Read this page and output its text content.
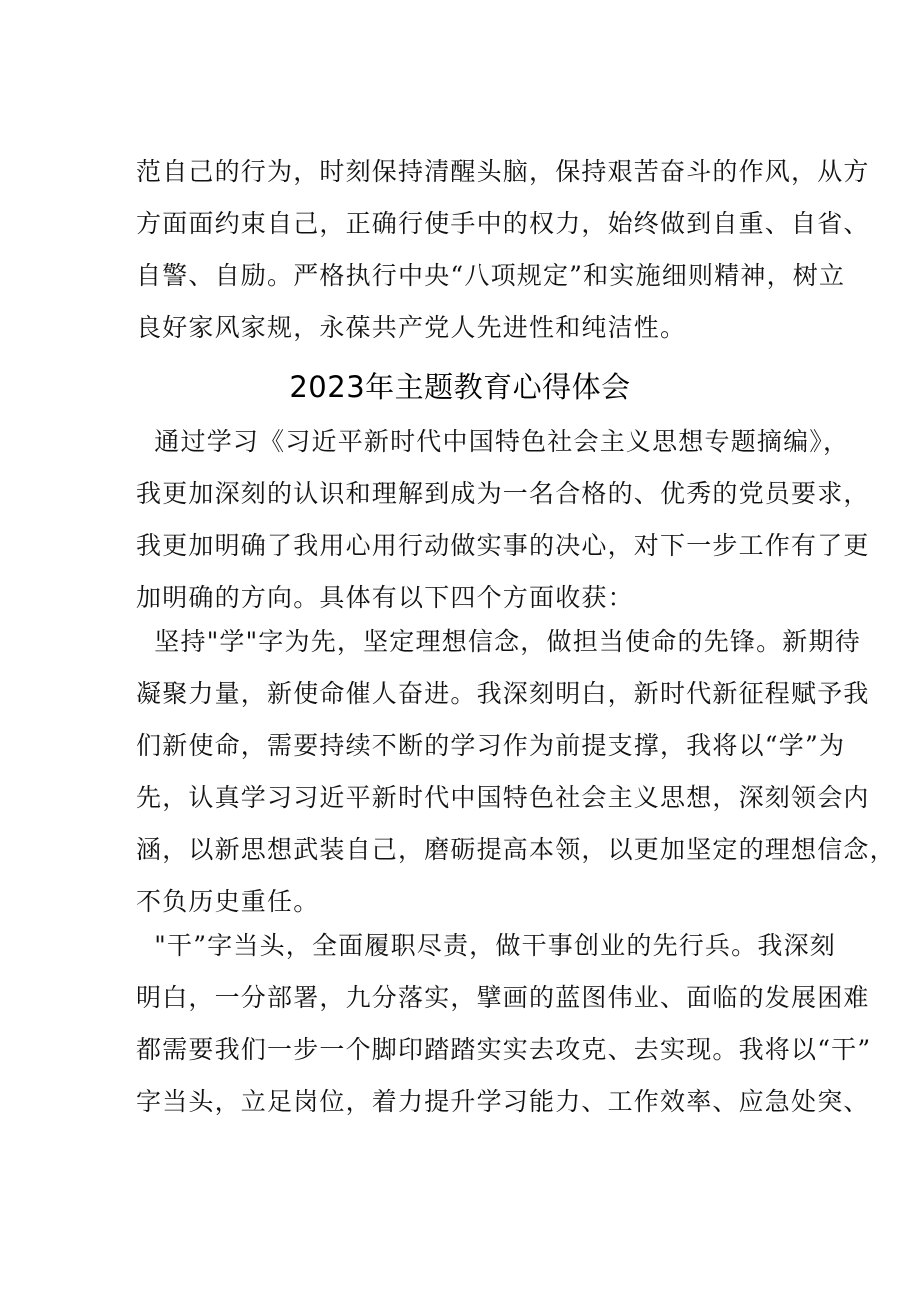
范自己的行为，时刻保持清醒头脑，保持艰苦奋斗的作风，从方
方面面约束自己，正确行使手中的权力，始终做到自重、自省、
自警、自励。严格执行中央“八项规定”和实施细则精神，树立
良好家风家规，永葆共产党人先进性和纯洁性。
2023年主题教育心得体会
通过学习《习近平新时代中国特色社会主义思想专题摘编》，
我更加深刻的认识和理解到成为一名合格的、优秀的党员要求，
我更加明确了我用心用行动做实事的决心，对下一步工作有了更
加明确的方向。具体有以下四个方面收获：
坚持"学"字为先，坚定理想信念，做担当使命的先锋。新期待
凝聚力量，新使命催人奋进。我深刻明白，新时代新征程赋予我
们新使命，需要持续不断的学习作为前提支撑，我将以“学”为
先，认真学习习近平新时代中国特色社会主义思想，深刻领会内
涵，以新思想武装自己，磨砺提高本领，以更加坚定的理想信念，
不负历史重任。
"干”字当头，全面履职尽责，做干事创业的先行兵。我深刻
明白，一分部署，九分落实，擘画的蓝图伟业、面临的发展困难
都需要我们一步一个脚印踏踏实实去攻克、去实现。我将以“干”
字当头，立足岗位，着力提升学习能力、工作效率、应急处突、
